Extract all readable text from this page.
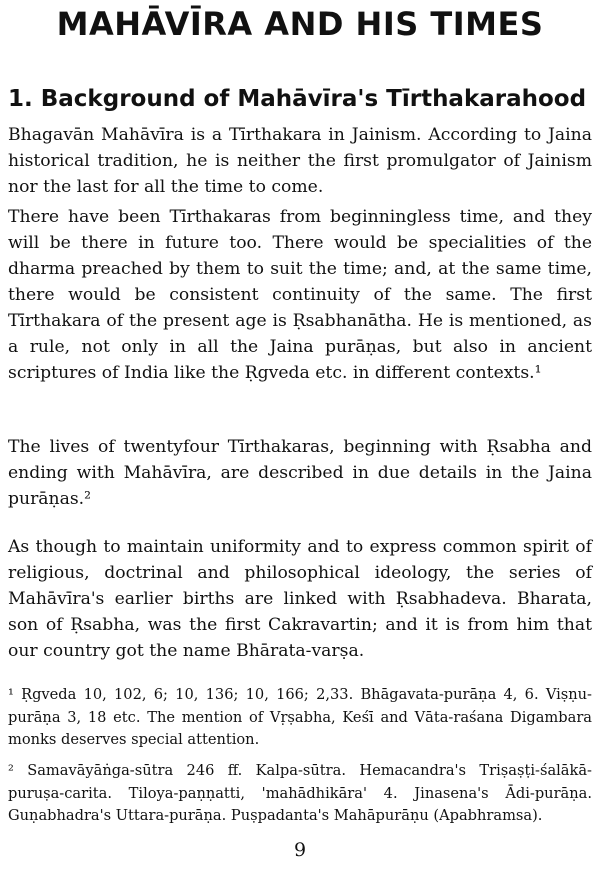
MAHĀVĪRA AND HIS TIMES
1. Background of Mahāvīra's Tīrthakarahood

Bhagavān Mahāvīra is a Tīrthakara in Jainism. According to Jaina historical tradition, he is neither the first promulgator of Jainism nor the last for all the time to come.

There have been Tīrthakaras from beginningless time, and they will be there in future too. There would be specialities of the dharma preached by them to suit the time; and, at the same time, there would be consistent continuity of the same. The first Tīrthakara of the present age is Ṛsabhanātha. He is mentioned, as a rule, not only in all the Jaina purāṇas, but also in ancient scriptures of India like the Ṛgveda etc. in different contexts.¹

The lives of twentyfour Tīrthakaras, beginning with Ṛsabha and ending with Mahāvīra, are described in due details in the Jaina purāṇas.²

As though to maintain uniformity and to express common spirit of religious, doctrinal and philosophical ideology, the series of Mahāvīra's earlier births are linked with Ṛsabhadeva. Bharata, son of Ṛsabha, was the first Cakravartin; and it is from him that our country got the name Bhārata-varṣa.

¹ Ṛgveda 10, 102, 6; 10, 136; 10, 166; 2,33. Bhāgavata-purāṇa 4, 6. Viṣṇu-purāṇa 3, 18 etc. The mention of Vṛṣabha, Keśī and Vāta-raśana Digambara monks deserves special attention.

² Samavāyāṅga-sūtra 246 ff. Kalpa-sūtra. Hemacandra's Triṣaṣṭi-śalākā-puruṣa-carita. Tiloya-paṇṇatti, 'mahādhikāra' 4. Jinasena's Ādi-purāṇa. Guṇabhadra's Uttara-purāṇa. Puṣpadanta's Mahāpurāṇu (Apabhramsa).

9
